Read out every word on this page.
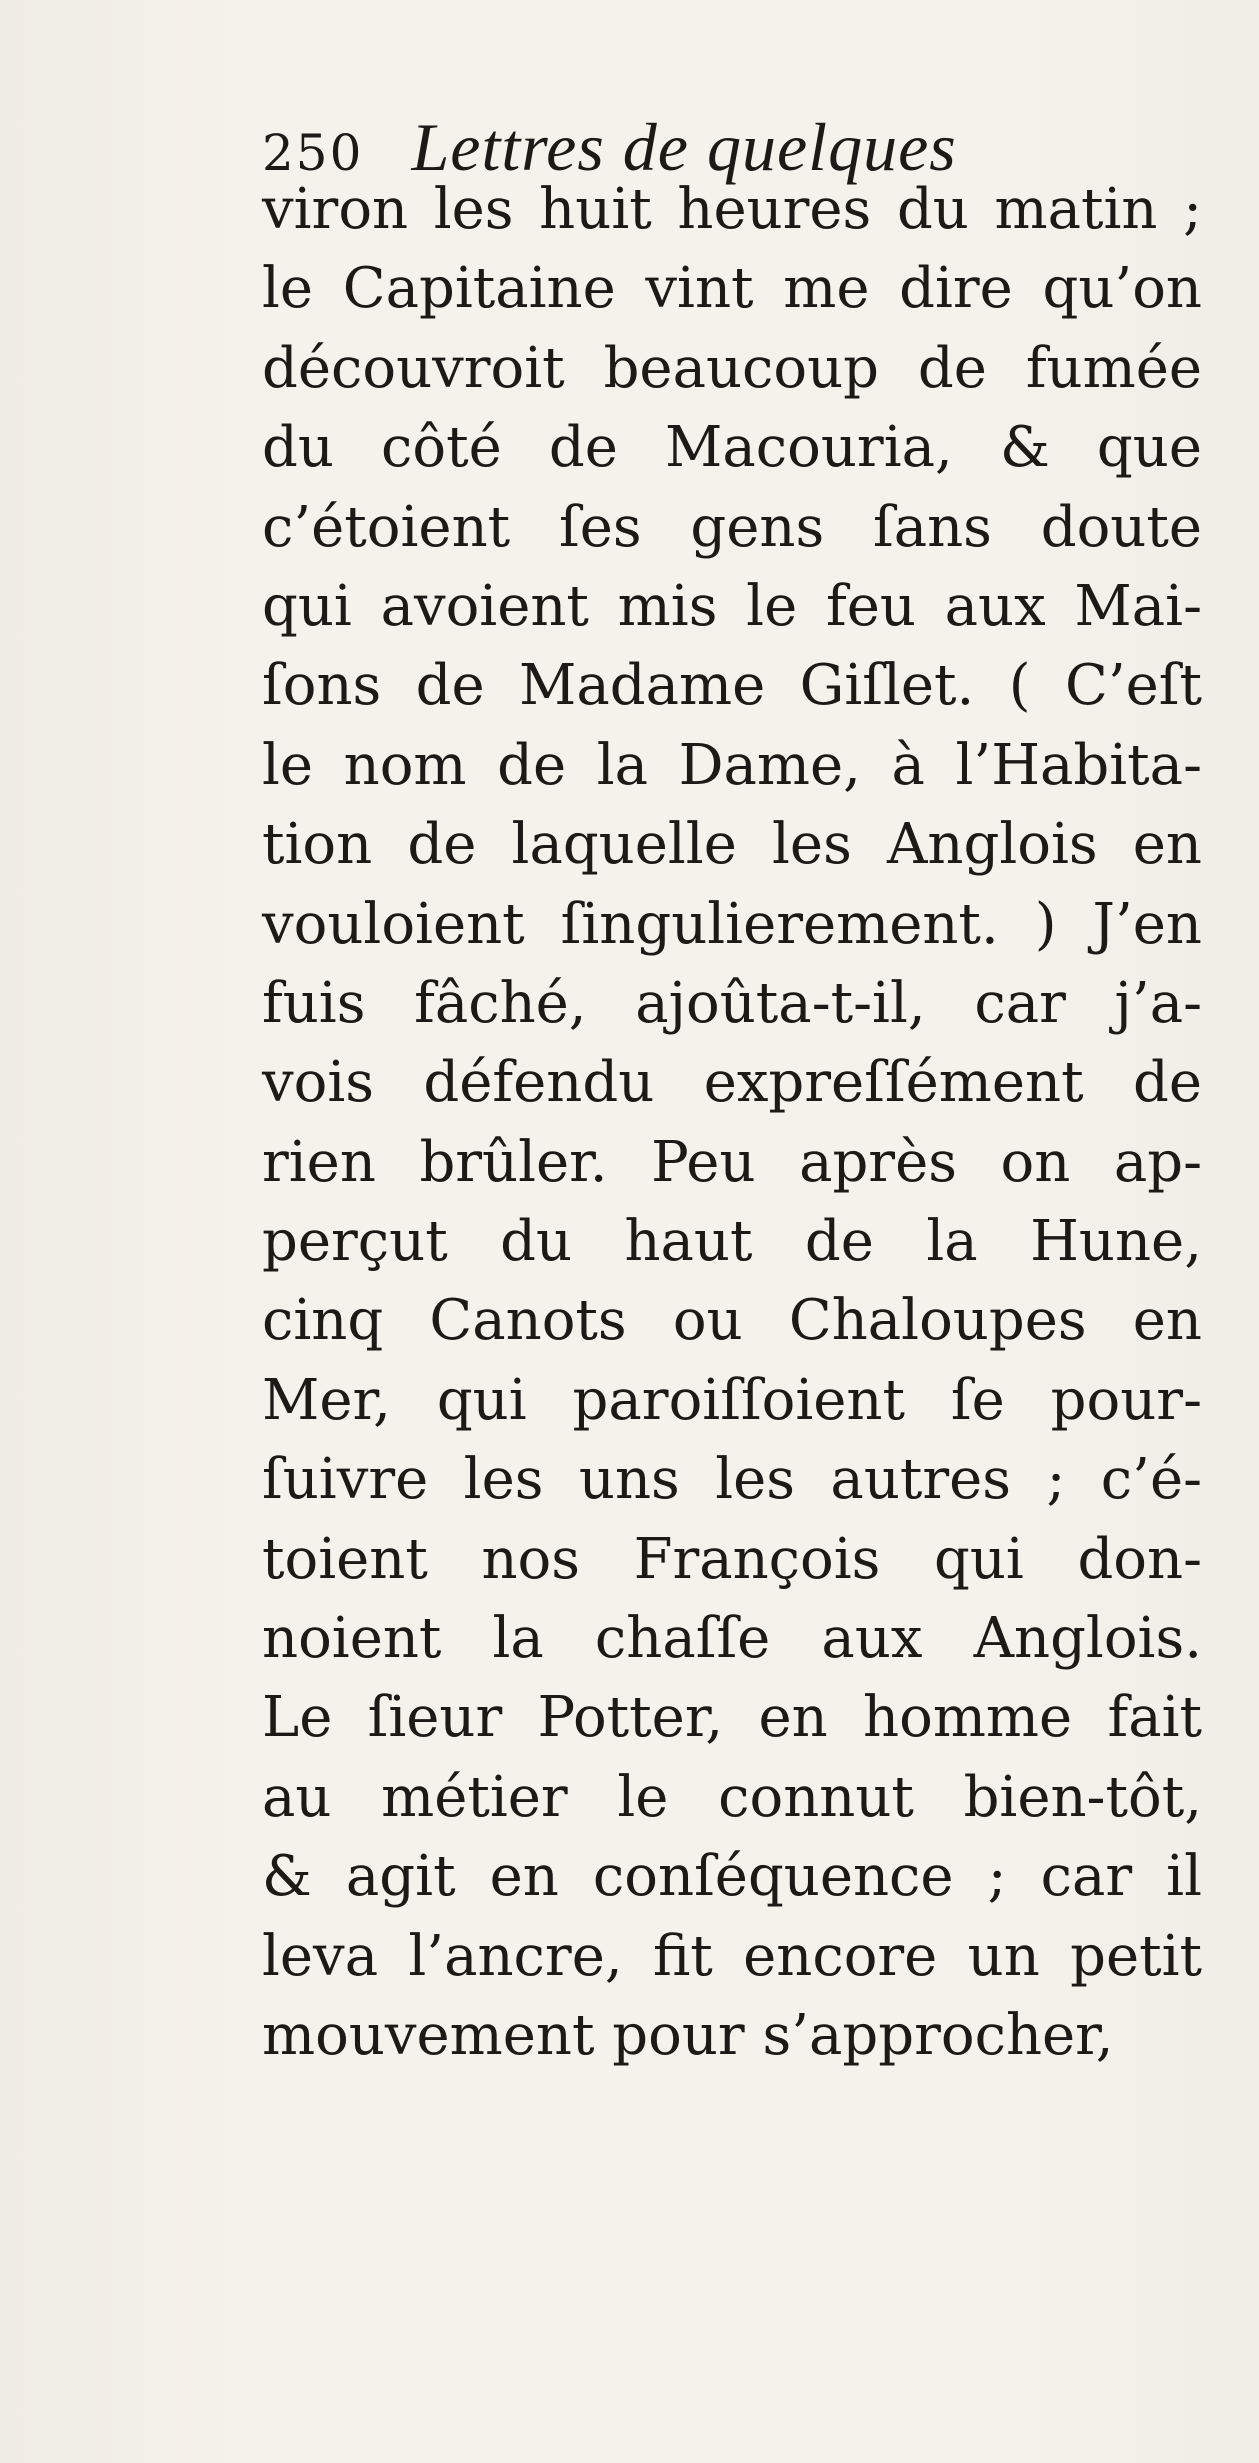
250 Lettres de quelques
viron les huit heures du matin ;
le Capitaine vint me dire qu’on
découvroit beaucoup de fumée
du côté de Macouria, & que
c’étoient ſes gens ſans doute
qui avoient mis le feu aux Mai-
ſons de Madame Giſlet. ( C’eſt
le nom de la Dame, à l’Habita-
tion de laquelle les Anglois en
vouloient ſingulierement. ) J’en
fuis fâché, ajoûta-t-il, car j’a-
vois défendu expreſſément de
rien brûler. Peu après on ap-
perçut du haut de la Hune,
cinq Canots ou Chaloupes en
Mer, qui paroiſſoient ſe pour-
ſuivre les uns les autres ; c’é-
toient nos François qui don-
noient la chaſſe aux Anglois.
Le ſieur Potter, en homme fait
au métier le connut bien-tôt,
& agit en conſéquence ; car il
leva l’ancre, fit encore un petit
mouvement pour s’approcher,
